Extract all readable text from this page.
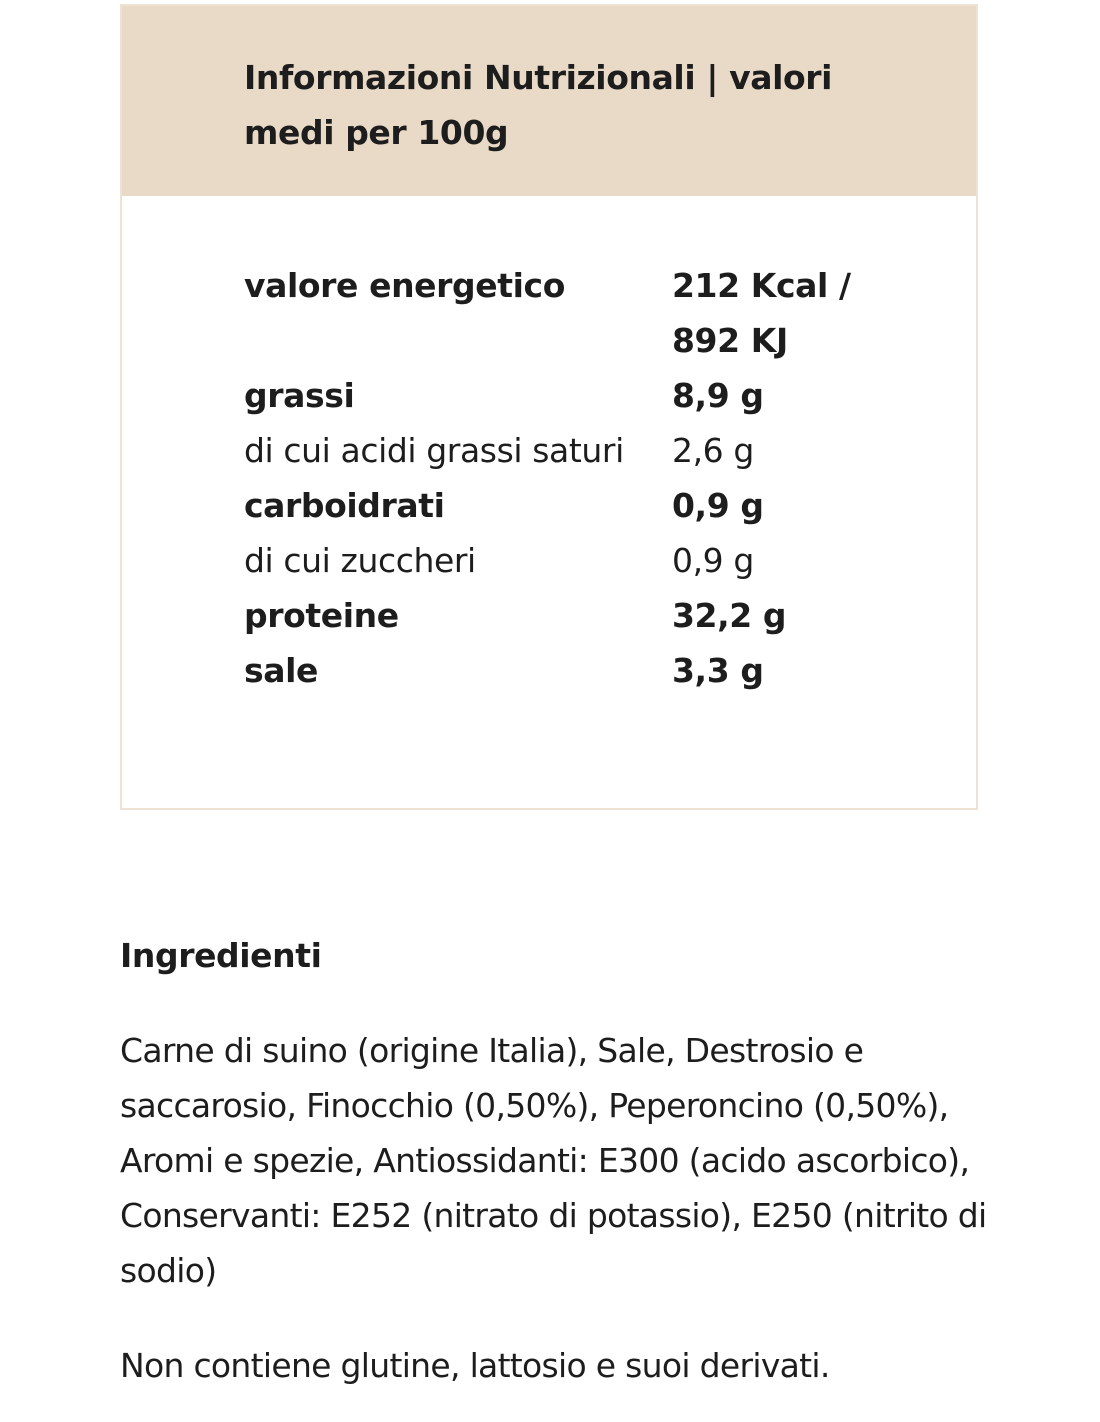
Informazioni Nutrizionali | valori medi per 100g
valore energetico	212 Kcal / 892 KJ
grassi	8,9 g
di cui acidi grassi saturi	2,6 g
carboidrati	0,9 g
di cui zuccheri	0,9 g
proteine	32,2 g
sale	3,3 g
Ingredienti

Carne di suino (origine Italia), Sale, Destrosio e saccarosio, Finocchio (0,50%), Peperoncino (0,50%), Aromi e spezie, Antiossidanti: E300 (acido ascorbico), Conservanti: E252 (nitrato di potassio), E250 (nitrito di sodio)

Non contiene glutine, lattosio e suoi derivati.
